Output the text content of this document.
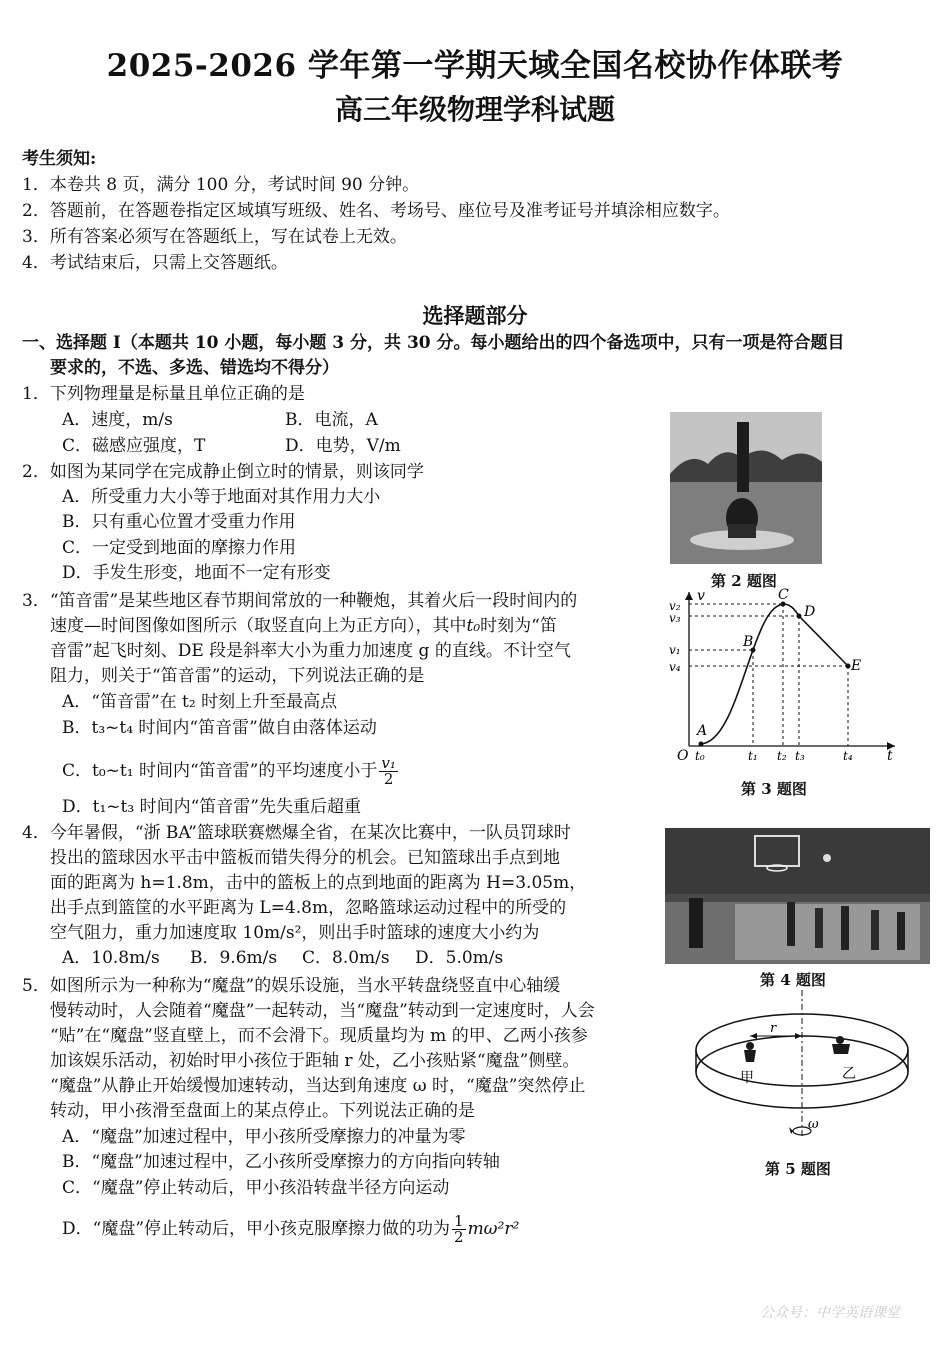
2025-2026 学年第一学期天域全国名校协作体联考
高三年级物理学科试题
考生须知:
1．本卷共 8 页，满分 100 分，考试时间 90 分钟。
2．答题前，在答题卷指定区域填写班级、姓名、考场号、座位号及准考证号并填涂相应数字。
3．所有答案必须写在答题纸上，写在试卷上无效。
4．考试结束后，只需上交答题纸。
选择题部分
一、选择题 I（本题共 10 小题，每小题 3 分，共 30 分。每小题给出的四个备选项中，只有一项是符合题目
要求的，不选、多选、错选均不得分）
1．下列物理量是标量且单位正确的是
A．速度，m/s	B．电流，A
C．磁感应强度，T	D．电势，V/m
2．如图为某同学在完成静止倒立时的情景，则该同学
A．所受重力大小等于地面对其作用力大小
B．只有重心位置才受重力作用
C．一定受到地面的摩擦力作用
D．手发生形变，地面不一定有形变	第 2 题图
3．“笛音雷”是某些地区春节期间常放的一种鞭炮，其着火后一段时间内的
速度—时间图像如图所示（取竖直向上为正方向），其中t₀时刻为“笛
音雷”起飞时刻、DE 段是斜率大小为重力加速度 g 的直线。不计空气
阻力，则关于“笛音雷”的运动，下列说法正确的是
A．“笛音雷”在 t₂ 时刻上升至最高点
B．t₃~t₄ 时间内“笛音雷”做自由落体运动
C．t₀~t₁ 时间内“笛音雷”的平均速度小于 $\frac{\text{v₁}}{2}$
D．t₁~t₃ 时间内“笛音雷”先失重后超重
v
t
O
v₂
v₃
v₁
v₄
t₀	t₁ t₂ t₃	t₄
A
B
C
D
E
第 3 题图
4．今年暑假，“浙 BA”篮球联赛燃爆全省，在某次比赛中，一队员罚球时
投出的篮球因水平击中篮板而错失得分的机会。已知篮球出手点到地
面的距离为 h=1.8m，击中的篮板上的点到地面的距离为 H=3.05m，
出手点到篮筐的水平距离为 L=4.8m，忽略篮球运动过程中的所受的
空气阻力，重力加速度取 10m/s²，则出手时篮球的速度大小约为
A．10.8m/s B．9.6m/s C．8.0m/s D．5.0m/s
第 4 题图
5．如图所示为一种称为“魔盘”的娱乐设施，当水平转盘绕竖直中心轴缓
慢转动时，人会随着“魔盘”一起转动，当“魔盘”转动到一定速度时，人会
“贴”在“魔盘”竖直壁上，而不会滑下。现质量均为 m 的甲、乙两小孩参
加该娱乐活动，初始时甲小孩位于距轴 r 处，乙小孩贴紧“魔盘”侧壁。
“魔盘”从静止开始缓慢加速转动，当达到角速度 ω 时，“魔盘”突然停止
转动，甲小孩滑至盘面上的某点停止。下列说法正确的是
A．“魔盘”加速过程中，甲小孩所受摩擦力的冲量为零
B．“魔盘”加速过程中，乙小孩所受摩擦力的方向指向转轴
C．“魔盘”停止转动后，甲小孩沿转盘半径方向运动
D．“魔盘”停止转动后，甲小孩克服摩擦力做的功为 $\frac{1}{2} m\omega^2r^2$
r
甲	乙
ω
第 5 题图
公众号：中学英语课堂
